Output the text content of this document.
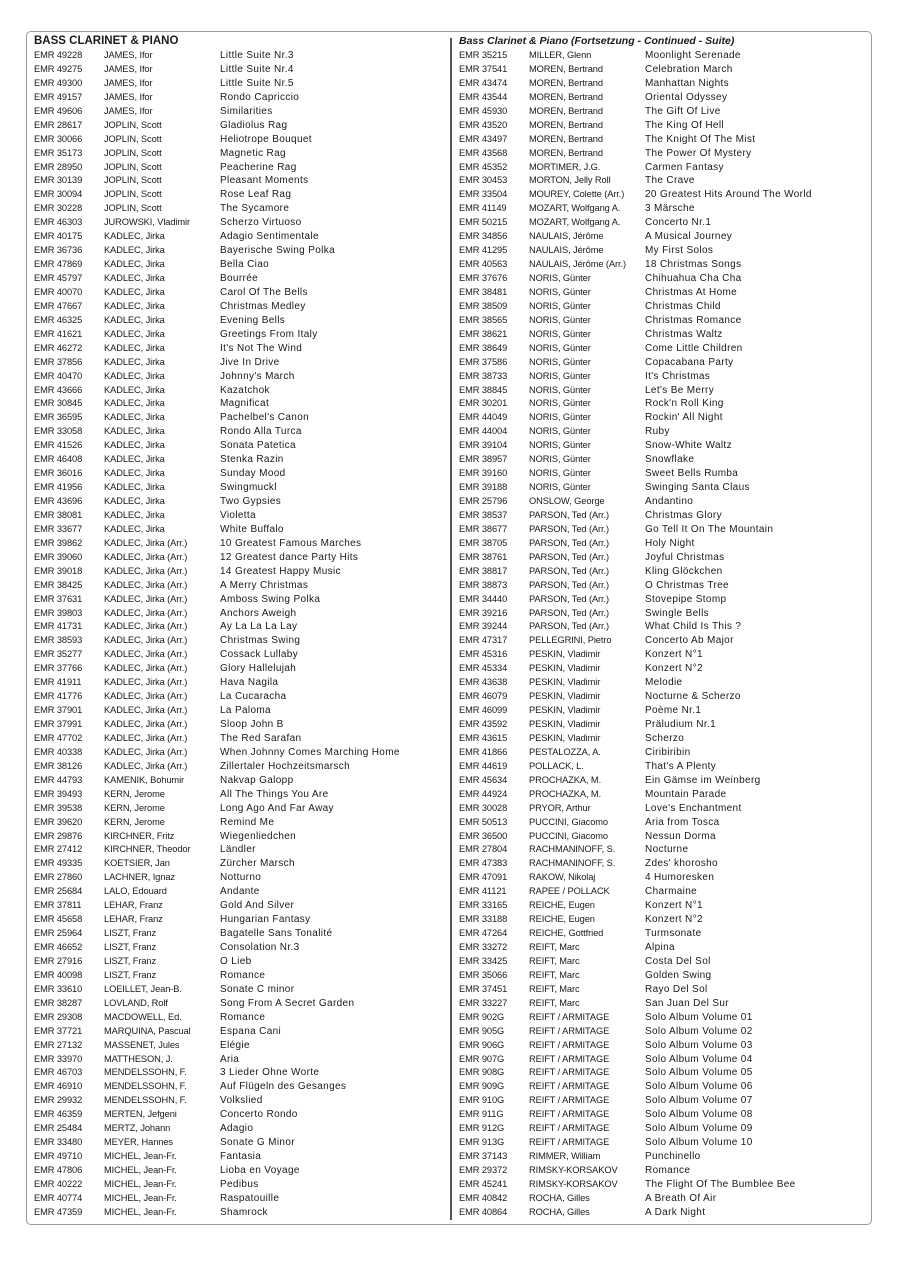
BASS CLARINET & PIANO
EMR 49228	JAMES, Ifor	Little Suite Nr.3
EMR 49275	JAMES, Ifor	Little Suite Nr.4
EMR 49300	JAMES, Ifor	Little Suite Nr.5
EMR 49157	JAMES, Ifor	Rondo Capriccio
EMR 49606	JAMES, Ifor	Similarities
EMR 28617	JOPLIN, Scott	Gladiolus Rag
EMR 30066	JOPLIN, Scott	Heliotrope Bouquet
EMR 35173	JOPLIN, Scott	Magnetic Rag
EMR 28950	JOPLIN, Scott	Peacherine Rag
EMR 30139	JOPLIN, Scott	Pleasant Moments
EMR 30094	JOPLIN, Scott	Rose Leaf Rag
EMR 30228	JOPLIN, Scott	The Sycamore
EMR 46303	JUROWSKI, Vladimir	Scherzo Virtuoso
EMR 40175	KADLEC, Jirka	Adagio Sentimentale
EMR 36736	KADLEC, Jirka	Bayerische Swing Polka
EMR 47869	KADLEC, Jirka	Bella Ciao
EMR 45797	KADLEC, Jirka	Bourrée
EMR 40070	KADLEC, Jirka	Carol Of The Bells
EMR 47667	KADLEC, Jirka	Christmas Medley
EMR 46325	KADLEC, Jirka	Evening Bells
EMR 41621	KADLEC, Jirka	Greetings From Italy
EMR 46272	KADLEC, Jirka	It's Not The Wind
EMR 37856	KADLEC, Jirka	Jive In Drive
EMR 40470	KADLEC, Jirka	Johnny's March
EMR 43666	KADLEC, Jirka	Kazatchok
EMR 30845	KADLEC, Jirka	Magnificat
EMR 36595	KADLEC, Jirka	Pachelbel's Canon
EMR 33058	KADLEC, Jirka	Rondo Alla Turca
EMR 41526	KADLEC, Jirka	Sonata Patetica
EMR 46408	KADLEC, Jirka	Stenka Razin
EMR 36016	KADLEC, Jirka	Sunday Mood
EMR 41956	KADLEC, Jirka	Swingmuckl
EMR 43696	KADLEC, Jirka	Two Gypsies
EMR 38081	KADLEC, Jirka	Violetta
EMR 33677	KADLEC, Jirka	White Buffalo
EMR 39862	KADLEC, Jirka (Arr.)	10 Greatest Famous Marches
EMR 39060	KADLEC, Jirka (Arr.)	12 Greatest dance Party Hits
EMR 39018	KADLEC, Jirka (Arr.)	14 Greatest Happy Music
EMR 38425	KADLEC, Jirka (Arr.)	A Merry Christmas
EMR 37631	KADLEC, Jirka (Arr.)	Amboss Swing Polka
EMR 39803	KADLEC, Jirka (Arr.)	Anchors Aweigh
EMR 41731	KADLEC, Jirka (Arr.)	Ay La La La Lay
EMR 38593	KADLEC, Jirka (Arr.)	Christmas Swing
EMR 35277	KADLEC, Jirka (Arr.)	Cossack Lullaby
EMR 37766	KADLEC, Jirka (Arr.)	Glory Hallelujah
EMR 41911	KADLEC, Jirka (Arr.)	Hava Nagila
EMR 41776	KADLEC, Jirka (Arr.)	La Cucaracha
EMR 37901	KADLEC, Jirka (Arr.)	La Paloma
EMR 37991	KADLEC, Jirka (Arr.)	Sloop John B
EMR 47702	KADLEC, Jirka (Arr.)	The Red Sarafan
EMR 40338	KADLEC, Jirka (Arr.)	When Johnny Comes Marching Home
EMR 38126	KADLEC, Jirka (Arr.)	Zillertaler Hochzeitsmarsch
EMR 44793	KAMENIK, Bohumir	Nakvap Galopp
EMR 39493	KERN, Jerome	All The Things You Are
EMR 39538	KERN, Jerome	Long Ago And Far Away
EMR 39620	KERN, Jerome	Remind Me
EMR 29876	KIRCHNER, Fritz	Wiegenliedchen
EMR 27412	KIRCHNER, Theodor	Ländler
EMR 49335	KOETSIER, Jan	Zürcher Marsch
EMR 27860	LACHNER, Ignaz	Notturno
EMR 25684	LALO, Edouard	Andante
EMR 37811	LEHAR, Franz	Gold And Silver
EMR 45658	LEHAR, Franz	Hungarian Fantasy
EMR 25964	LISZT, Franz	Bagatelle Sans Tonalité
EMR 46652	LISZT, Franz	Consolation Nr.3
EMR 27916	LISZT, Franz	O Lieb
EMR 40098	LISZT, Franz	Romance
EMR 33610	LOEILLET, Jean-B.	Sonate C minor
EMR 38287	LOVLAND, Rolf	Song From A Secret Garden
EMR 29308	MACDOWELL, Ed.	Romance
EMR 37721	MARQUINA, Pascual	Espana Cani
EMR 27132	MASSENET, Jules	Elégie
EMR 33970	MATTHESON, J.	Aria
EMR 46703	MENDELSSOHN, F.	3 Lieder Ohne Worte
EMR 46910	MENDELSSOHN, F.	Auf Flügeln des Gesanges
EMR 29932	MENDELSSOHN, F.	Volkslied
EMR 46359	MERTEN, Jefgeni	Concerto Rondo
EMR 25484	MERTZ, Johann	Adagio
EMR 33480	MEYER, Hannes	Sonate G Minor
EMR 49710	MICHEL, Jean-Fr.	Fantasia
EMR 47806	MICHEL, Jean-Fr.	Lioba en Voyage
EMR 40222	MICHEL, Jean-Fr.	Pedibus
EMR 40774	MICHEL, Jean-Fr.	Raspatouille
EMR 47359	MICHEL, Jean-Fr.	Shamrock
Bass Clarinet & Piano (Fortsetzung - Continued - Suite)
EMR 35215	MILLER, Glenn	Moonlight Serenade
EMR 37541	MOREN, Bertrand	Celebration March
EMR 43474	MOREN, Bertrand	Manhattan Nights
EMR 43544	MOREN, Bertrand	Oriental Odyssey
EMR 45930	MOREN, Bertrand	The Gift Of Live
EMR 43520	MOREN, Bertrand	The King Of Hell
EMR 43497	MOREN, Bertrand	The Knight Of The Mist
EMR 43568	MOREN, Bertrand	The Power Of Mystery
EMR 45352	MORTIMER, J.G.	Carmen Fantasy
EMR 30453	MORTON, Jelly Roll	The Crave
EMR 33504	MOUREY, Colette (Arr.)	20 Greatest Hits Around The World
EMR 41149	MOZART, Wolfgang A.	3 Märsche
EMR 50215	MOZART, Wolfgang A.	Concerto Nr.1
EMR 34856	NAULAIS, Jérôme	A Musical Journey
EMR 41295	NAULAIS, Jérôme	My First Solos
EMR 40563	NAULAIS, Jérôme (Arr.)	18 Christmas Songs
EMR 37676	NORIS, Günter	Chihuahua Cha Cha
EMR 38481	NORIS, Günter	Christmas At Home
EMR 38509	NORIS, Günter	Christmas Child
EMR 38565	NORIS, Günter	Christmas Romance
EMR 38621	NORIS, Günter	Christmas Waltz
EMR 38649	NORIS, Günter	Come Little Children
EMR 37586	NORIS, Günter	Copacabana Party
EMR 38733	NORIS, Günter	It's Christmas
EMR 38845	NORIS, Günter	Let's Be Merry
EMR 30201	NORIS, Günter	Rock'n Roll King
EMR 44049	NORIS, Günter	Rockin' All Night
EMR 44004	NORIS, Günter	Ruby
EMR 39104	NORIS, Günter	Snow-White Waltz
EMR 38957	NORIS, Günter	Snowflake
EMR 39160	NORIS, Günter	Sweet Bells Rumba
EMR 39188	NORIS, Günter	Swinging Santa Claus
EMR 25796	ONSLOW, George	Andantino
EMR 38537	PARSON, Ted (Arr.)	Christmas Glory
EMR 38677	PARSON, Ted (Arr.)	Go Tell It On The Mountain
EMR 38705	PARSON, Ted (Arr.)	Holy Night
EMR 38761	PARSON, Ted (Arr.)	Joyful Christmas
EMR 38817	PARSON, Ted (Arr.)	Kling Glöckchen
EMR 38873	PARSON, Ted (Arr.)	O Christmas Tree
EMR 34440	PARSON, Ted (Arr.)	Stovepipe Stomp
EMR 39216	PARSON, Ted (Arr.)	Swingle Bells
EMR 39244	PARSON, Ted (Arr.)	What Child Is This ?
EMR 47317	PELLEGRINI, Pietro	Concerto Ab Major
EMR 45316	PESKIN, Vladimir	Konzert N°1
EMR 45334	PESKIN, Vladimir	Konzert N°2
EMR 43638	PESKIN, Vladimir	Melodie
EMR 46079	PESKIN, Vladimir	Nocturne & Scherzo
EMR 46099	PESKIN, Vladimir	Poème Nr.1
EMR 43592	PESKIN, Vladimir	Präludium Nr.1
EMR 43615	PESKIN, Vladimir	Scherzo
EMR 41866	PESTALOZZA, A.	Ciribiribin
EMR 44619	POLLACK, L.	That's A Plenty
EMR 45634	PROCHAZKA, M.	Ein Gämse im Weinberg
EMR 44924	PROCHAZKA, M.	Mountain Parade
EMR 30028	PRYOR, Arthur	Love's Enchantment
EMR 50513	PUCCINI, Giacomo	Aria from Tosca
EMR 36500	PUCCINI, Giacomo	Nessun Dorma
EMR 27804	RACHMANINOFF, S.	Nocturne
EMR 47383	RACHMANINOFF, S.	Zdes' khorosho
EMR 47091	RAKOW, Nikolaj	4 Humoresken
EMR 41121	RAPEE / POLLACK	Charmaine
EMR 33165	REICHE, Eugen	Konzert N°1
EMR 33188	REICHE, Eugen	Konzert N°2
EMR 47264	REICHE, Gottfried	Turmsonate
EMR 33272	REIFT, Marc	Alpina
EMR 33425	REIFT, Marc	Costa Del Sol
EMR 35066	REIFT, Marc	Golden Swing
EMR 37451	REIFT, Marc	Rayo Del Sol
EMR 33227	REIFT, Marc	San Juan Del Sur
EMR 902G	REIFT / ARMITAGE	Solo Album Volume 01
EMR 905G	REIFT / ARMITAGE	Solo Album Volume 02
EMR 906G	REIFT / ARMITAGE	Solo Album Volume 03
EMR 907G	REIFT / ARMITAGE	Solo Album Volume 04
EMR 908G	REIFT / ARMITAGE	Solo Album Volume 05
EMR 909G	REIFT / ARMITAGE	Solo Album Volume 06
EMR 910G	REIFT / ARMITAGE	Solo Album Volume 07
EMR 911G	REIFT / ARMITAGE	Solo Album Volume 08
EMR 912G	REIFT / ARMITAGE	Solo Album Volume 09
EMR 913G	REIFT / ARMITAGE	Solo Album Volume 10
EMR 37143	RIMMER, William	Punchinello
EMR 29372	RIMSKY-KORSAKOV	Romance
EMR 45241	RIMSKY-KORSAKOV	The Flight Of The Bumblee Bee
EMR 40842	ROCHA, Gilles	A Breath Of Air
EMR 40864	ROCHA, Gilles	A Dark Night
